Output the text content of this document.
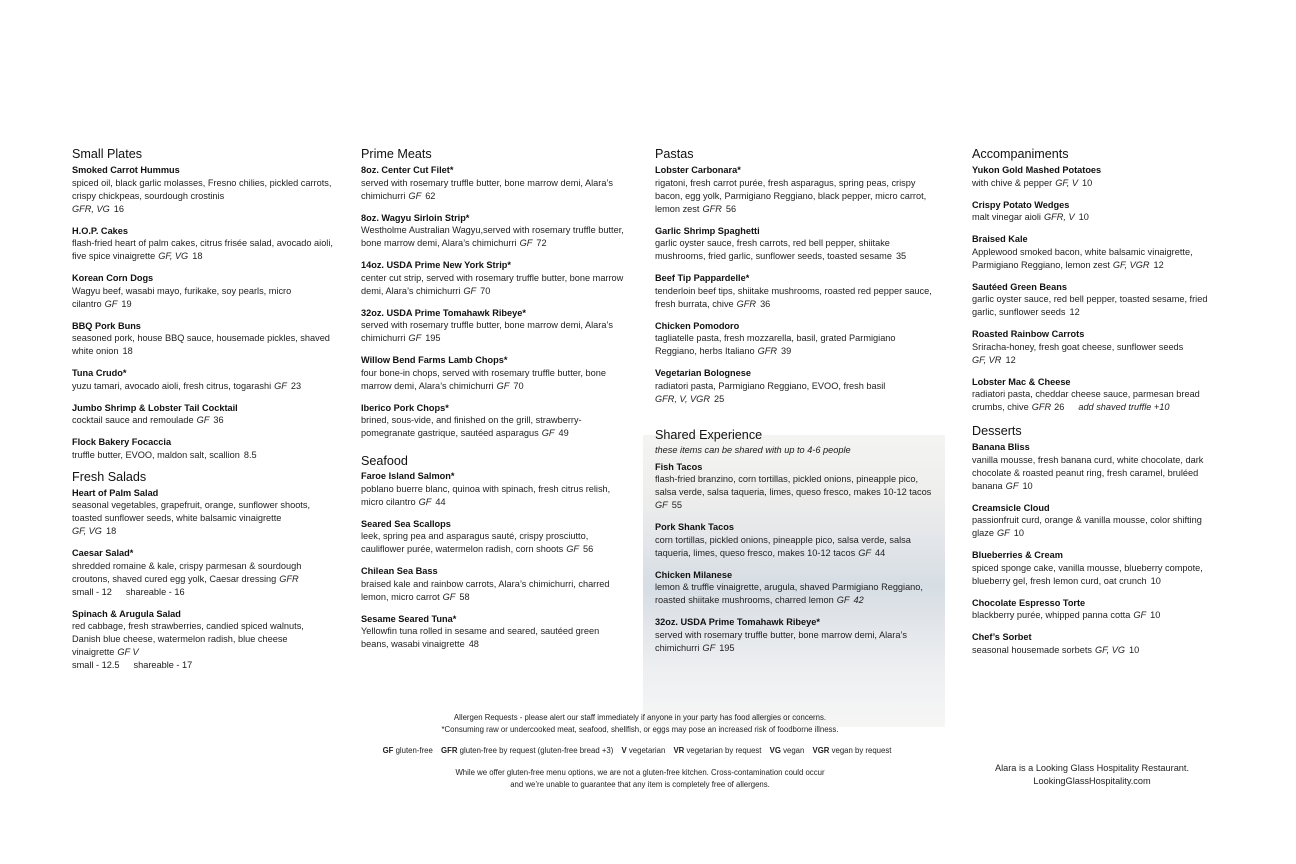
Small Plates
Smoked Carrot Hummus
spiced oil, black garlic molasses, Fresno chilies, pickled carrots, crispy chickpeas, sourdough crostinis
GFR, VG 16
H.O.P. Cakes
flash-fried heart of palm cakes, citrus frisée salad, avocado aioli, five spice vinaigrette GF, VG 18
Korean Corn Dogs
Wagyu beef, wasabi mayo, furikake, soy pearls, micro cilantro GF 19
BBQ Pork Buns
seasoned pork, house BBQ sauce, housemade pickles, shaved white onion 18
Tuna Crudo*
yuzu tamari, avocado aioli, fresh citrus, togarashi GF 23
Jumbo Shrimp & Lobster Tail Cocktail
cocktail sauce and remoulade GF 36
Flock Bakery Focaccia
truffle butter, EVOO, maldon salt, scallion 8.5
Fresh Salads
Heart of Palm Salad
seasonal vegetables, grapefruit, orange, sunflower shoots, toasted sunflower seeds, white balsamic vinaigrette
GF, VG 18
Caesar Salad*
shredded romaine & kale, crispy parmesan & sourdough croutons, shaved cured egg yolk, Caesar dressing GFR
small - 12 shareable - 16
Spinach & Arugula Salad
red cabbage, fresh strawberries, candied spiced walnuts, Danish blue cheese, watermelon radish, blue cheese vinaigrette GF V
small - 12.5 shareable - 17
Prime Meats
8oz. Center Cut Filet*
served with rosemary truffle butter, bone marrow demi, Alara’s chimichurri GF 62
8oz. Wagyu Sirloin Strip*
Westholme Australian Wagyu,served with rosemary truffle butter, bone marrow demi, Alara’s chimichurri GF 72
14oz. USDA Prime New York Strip*
center cut strip, served with rosemary truffle butter, bone marrow demi, Alara’s chimichurri GF 70
32oz. USDA Prime Tomahawk Ribeye*
served with rosemary truffle butter, bone marrow demi, Alara’s chimichurri GF 195
Willow Bend Farms Lamb Chops*
four bone-in chops, served with rosemary truffle butter, bone marrow demi, Alara’s chimichurri GF 70
Iberico Pork Chops*
brined, sous-vide, and finished on the grill, strawberry-pomegranate gastrique, sautéed asparagus GF 49
Seafood
Faroe Island Salmon*
poblano buerre blanc, quinoa with spinach, fresh citrus relish, micro cilantro GF 44
Seared Sea Scallops
leek, spring pea and asparagus sauté, crispy prosciutto, cauliflower purée, watermelon radish, corn shoots GF 56
Chilean Sea Bass
braised kale and rainbow carrots, Alara’s chimichurri, charred lemon, micro carrot GF 58
Sesame Seared Tuna*
Yellowfin tuna rolled in sesame and seared, sautéed green beans, wasabi vinaigrette 48
Pastas
Lobster Carbonara*
rigatoni, fresh carrot purée, fresh asparagus, spring peas, crispy bacon, egg yolk, Parmigiano Reggiano, black pepper, micro carrot, lemon zest GFR 56
Garlic Shrimp Spaghetti
garlic oyster sauce, fresh carrots, red bell pepper, shiitake mushrooms, fried garlic, sunflower seeds, toasted sesame 35
Beef Tip Pappardelle*
tenderloin beef tips, shiitake mushrooms, roasted red pepper sauce, fresh burrata, chive GFR 36
Chicken Pomodoro
tagliatelle pasta, fresh mozzarella, basil, grated Parmigiano Reggiano, herbs Italiano GFR 39
Vegetarian Bolognese
radiatori pasta, Parmigiano Reggiano, EVOO, fresh basil
GFR, V, VGR 25
Shared Experience
these items can be shared with up to 4-6 people
Fish Tacos
flash-fried branzino, corn tortillas, pickled onions, pineapple pico, salsa verde, salsa taqueria, limes, queso fresco, makes 10-12 tacos
GF 55
Pork Shank Tacos
corn tortillas, pickled onions, pineapple pico, salsa verde, salsa taqueria, limes, queso fresco, makes 10-12 tacos GF 44
Chicken Milanese
lemon & truffle vinaigrette, arugula, shaved Parmigiano Reggiano, roasted shiitake mushrooms, charred lemon GF 42
32oz. USDA Prime Tomahawk Ribeye*
served with rosemary truffle butter, bone marrow demi, Alara’s chimichurri GF 195
Accompaniments
Yukon Gold Mashed Potatoes
with chive & pepper GF, V 10
Crispy Potato Wedges
malt vinegar aioli GFR, V 10
Braised Kale
Applewood smoked bacon, white balsamic vinaigrette, Parmigiano Reggiano, lemon zest GF, VGR 12
Sautéed Green Beans
garlic oyster sauce, red bell pepper, toasted sesame, fried garlic, sunflower seeds 12
Roasted Rainbow Carrots
Sriracha-honey, fresh goat cheese, sunflower seeds
GF, VR 12
Lobster Mac & Cheese
radiatori pasta, cheddar cheese sauce, parmesan bread crumbs, chive GFR 26 add shaved truffle +10
Desserts
Banana Bliss
vanilla mousse, fresh banana curd, white chocolate, dark chocolate & roasted peanut ring, fresh caramel, bruléed banana GF 10
Creamsicle Cloud
passionfruit curd, orange & vanilla mousse, color shifting glaze GF 10
Blueberries & Cream
spiced sponge cake, vanilla mousse, blueberry compote, blueberry gel, fresh lemon curd, oat crunch 10
Chocolate Espresso Torte
blackberry purée, whipped panna cotta GF 10
Chef’s Sorbet
seasonal housemade sorbets GF, VG 10
Allergen Requests - please alert our staff immediately if anyone in your party has food allergies or concerns.
*Consuming raw or undercooked meat, seafood, shellfish, or eggs may pose an increased risk of foodborne illness.
GF gluten-free GFR gluten-free by request (gluten-free bread +3) V vegetarian VR vegetarian by request VG vegan VGR vegan by request
While we offer gluten-free menu options, we are not a gluten-free kitchen. Cross-contamination could occur
and we’re unable to guarantee that any item is completely free of allergens.
Alara is a Looking Glass Hospitality Restaurant.
LookingGlassHospitality.com
